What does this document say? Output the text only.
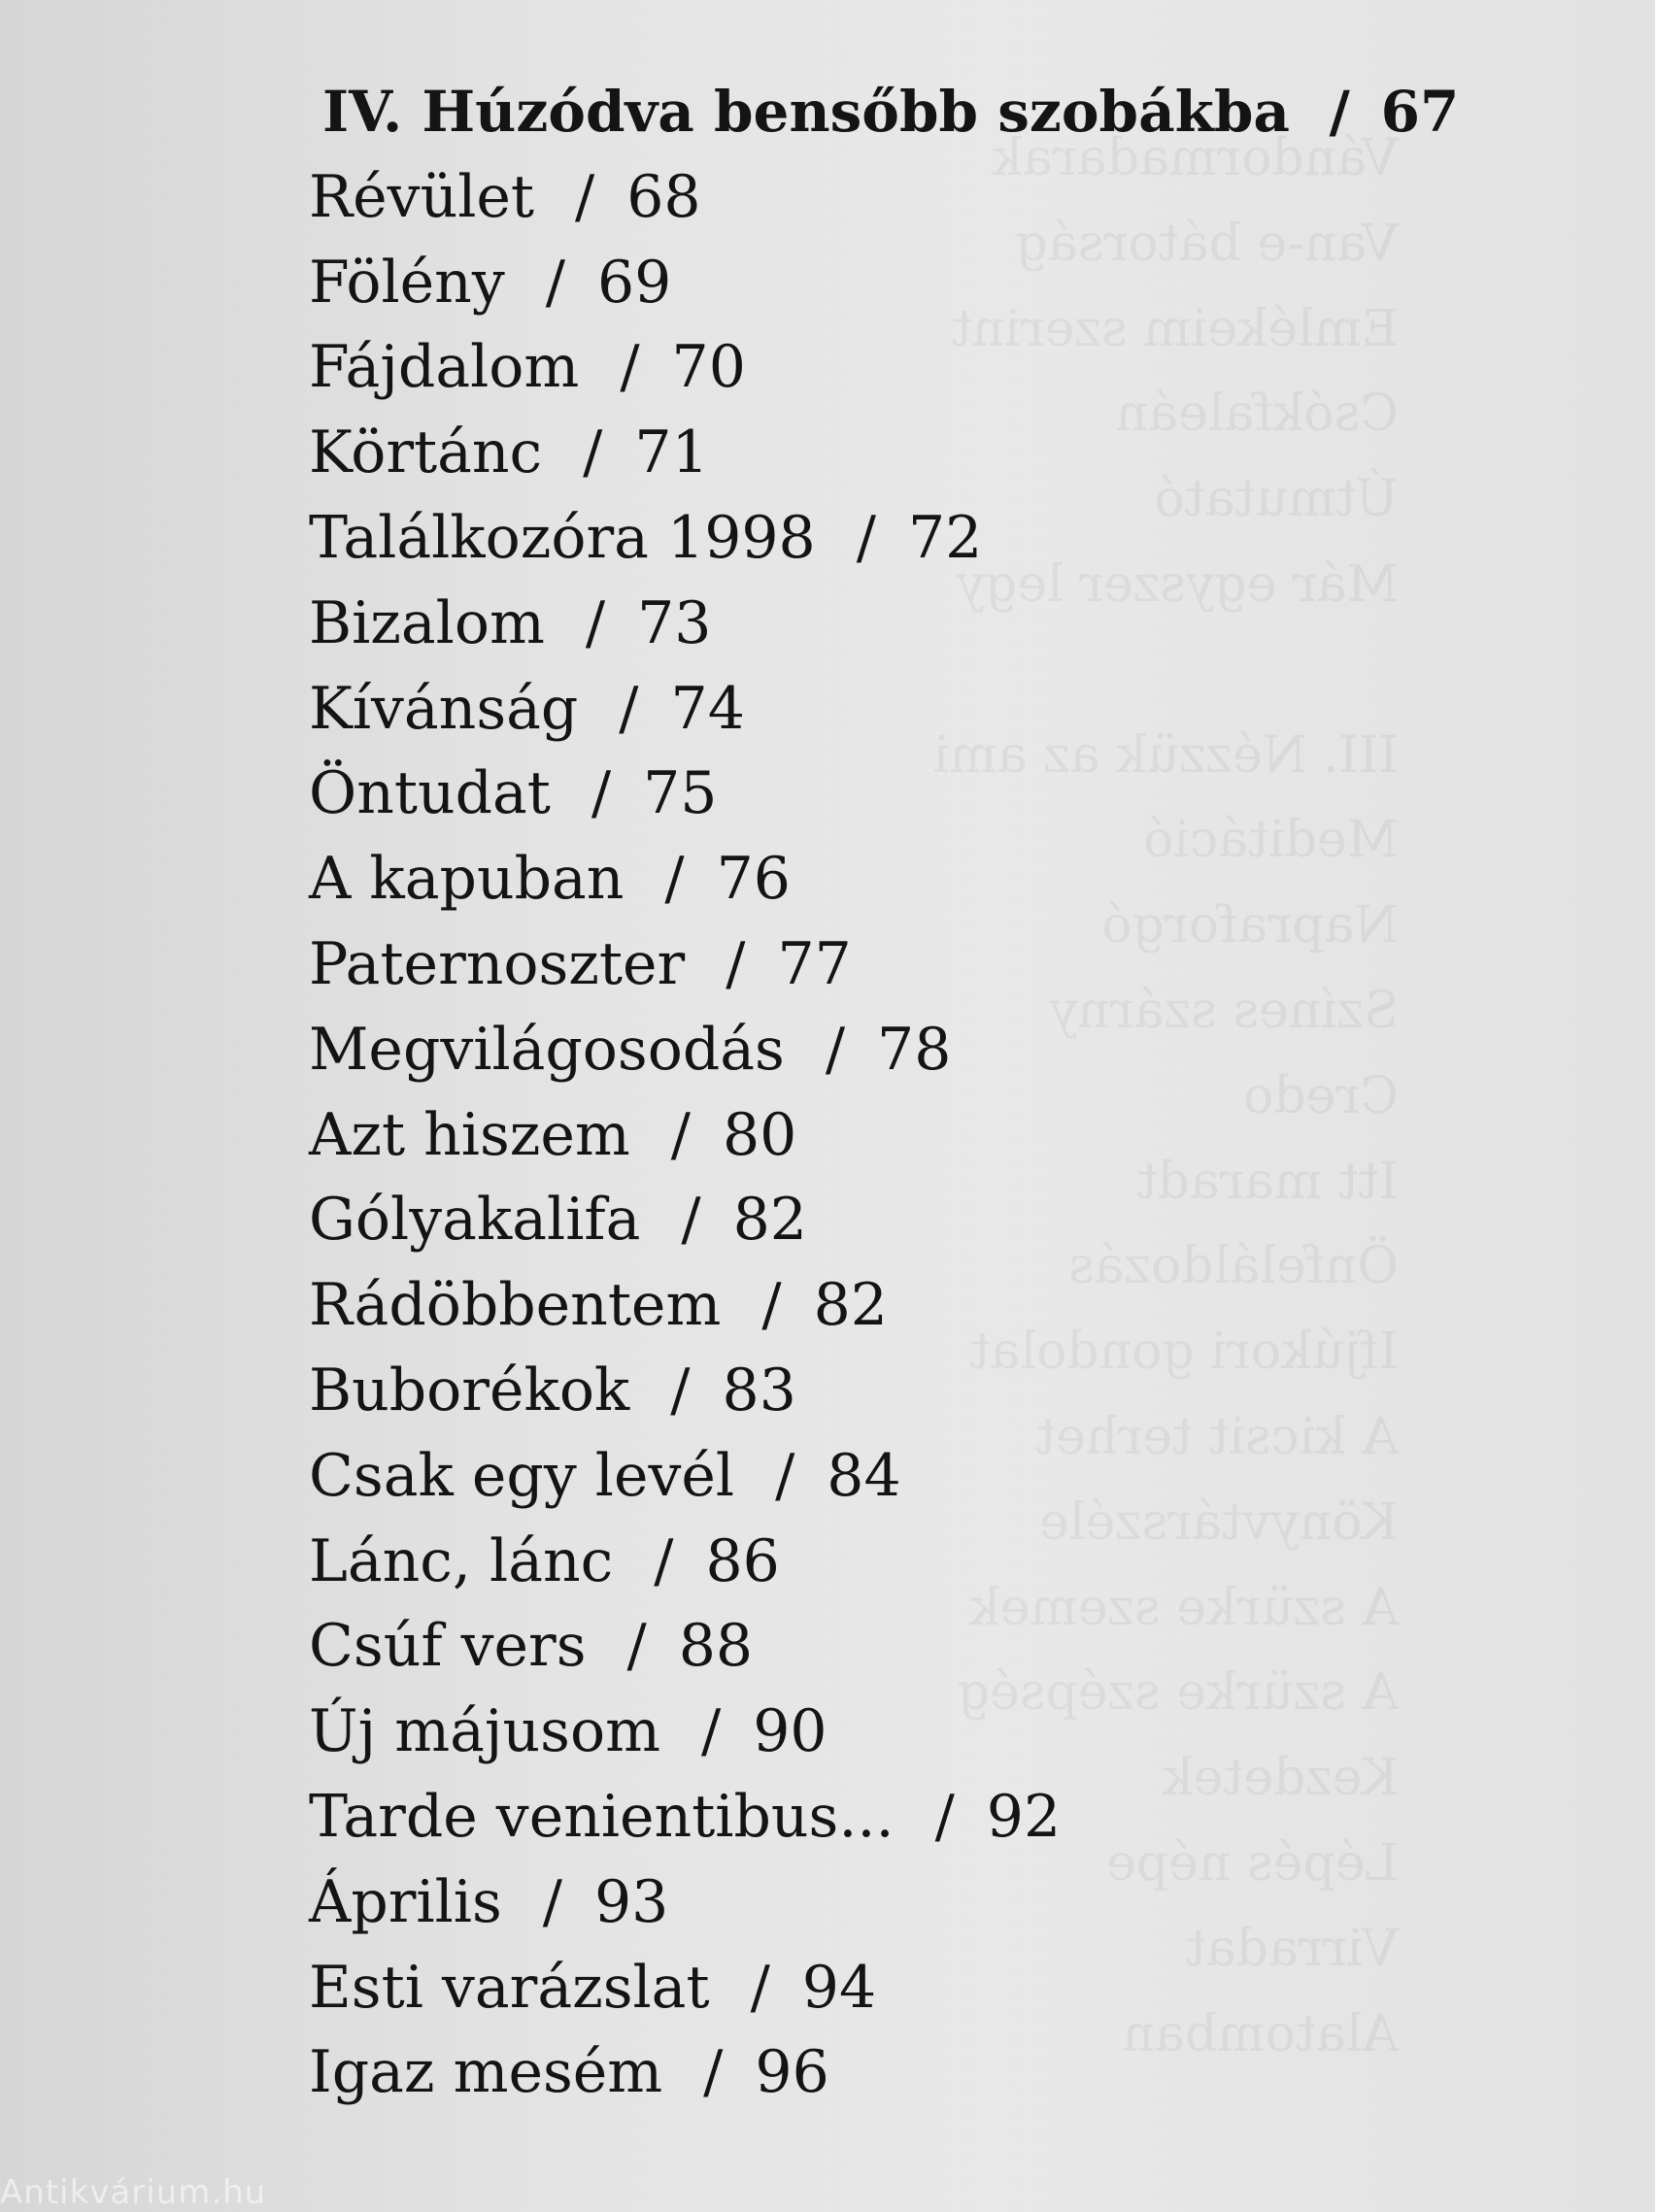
Vándormadarak
Van-e bátorság
Emlékeim szerint
Csókfaleán
Útmutató
Már egyszer legy

III. Nézzük az ami
Meditáció
Napraforgó
Színes szárny
Credo
Itt maradt
Önfeláldozás
Ifjúkori gondolat
A kicsit terhet
Könyvtárszéle
A szürke szemek
A szürke szépség
Kezdetek
Lépés népe
Virradat
Alatomban
IV. Húzódva bensőbb szobákba / 67
Révület / 68
Fölény / 69
Fájdalom / 70
Körtánc / 71
Találkozóra 1998 / 72
Bizalom / 73
Kívánság / 74
Öntudat / 75
A kapuban / 76
Paternoszter / 77
Megvilágosodás / 78
Azt hiszem / 80
Gólyakalifa / 82
Rádöbbentem / 82
Buborékok / 83
Csak egy levél / 84
Lánc, lánc / 86
Csúf vers / 88
Új májusom / 90
Tarde venientibus... / 92
Április / 93
Esti varázslat / 94
Igaz mesém / 96
Antikvárium.hu
